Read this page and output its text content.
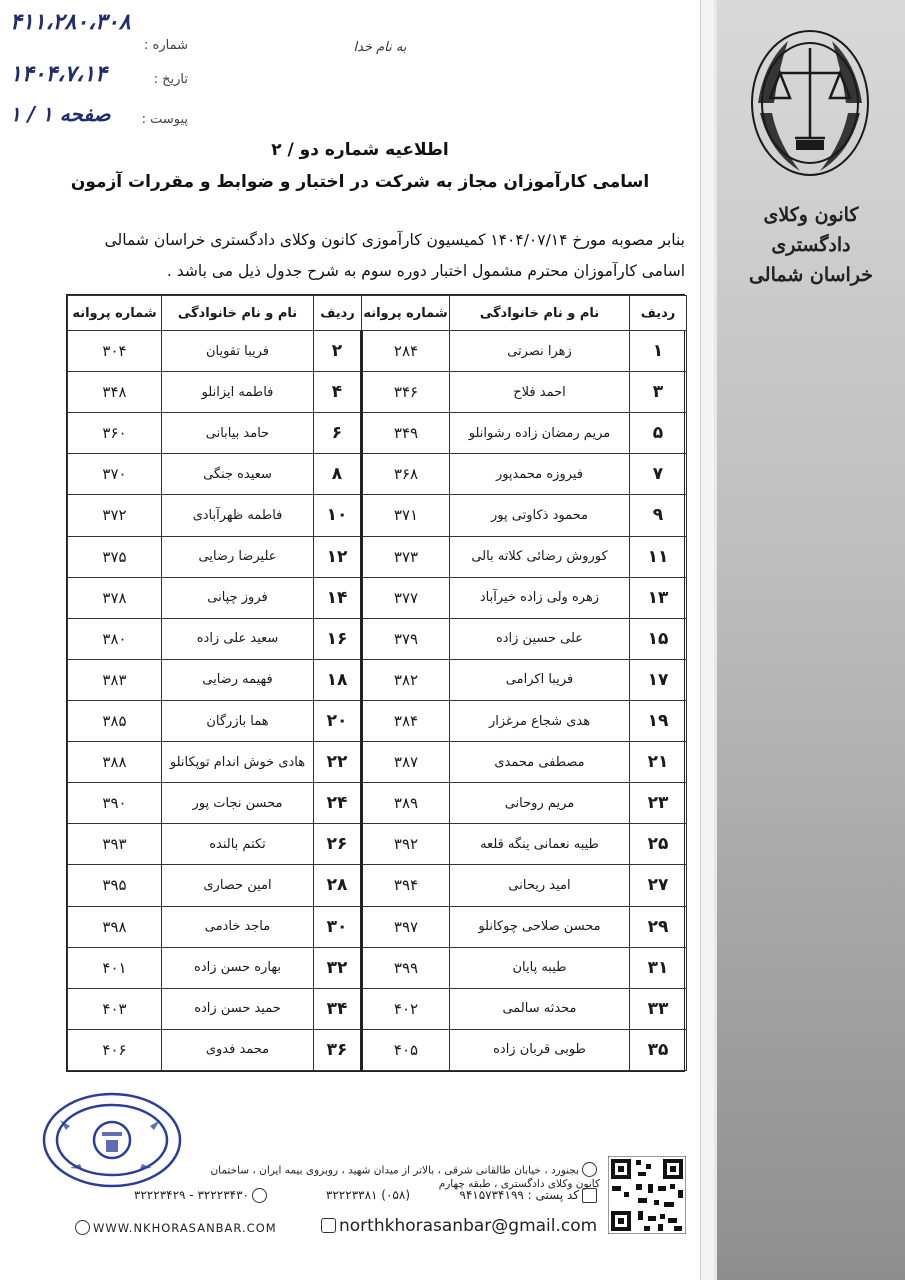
کانون وکلای دادگستری
خراسان شمالی
۴۱۱،۲۸۰،۳۰۸
شماره :
۱۴۰۴،۷،۱۴	تاریخ :
صفحه ۱ / ۱	پیوست :
به نام خدا
اطلاعیه شماره دو / ۲
اسامی کارآموزان مجاز به شرکت در اختبار و ضوابط و مقررات آزمون
بنابر مصوبه مورخ ۱۴۰۴/۰۷/۱۴ کمیسیون کارآموزی کانون وکلای دادگستری خراسان شمالی
اسامی کارآموزان محترم مشمول اختبار دوره سوم به شرح جدول ذیل می باشد .
ردیف	نام و نام خانوادگی	شماره پروانه	ردیف	نام و نام خانوادگی	شماره پروانه
۱	زهرا نصرتی	۲۸۴	۲	فریبا تقویان	۳۰۴
۳	احمد فلاح	۳۴۶	۴	فاطمه ایزانلو	۳۴۸
۵	مریم رمضان زاده رشوانلو	۳۴۹	۶	حامد بیابانی	۳۶۰
۷	فیروزه محمدپور	۳۶۸	۸	سعیده جنگی	۳۷۰
۹	محمود ذکاوتی پور	۳۷۱	۱۰	فاطمه ظهرآبادی	۳۷۲
۱۱	کوروش رضائی کلاته بالی	۳۷۳	۱۲	علیرضا رضایی	۳۷۵
۱۳	زهره ولی زاده خیرآباد	۳۷۷	۱۴	فروز چپانی	۳۷۸
۱۵	علی حسین زاده	۳۷۹	۱۶	سعید علی زاده	۳۸۰
۱۷	فریبا اکرامی	۳۸۲	۱۸	فهیمه رضایی	۳۸۳
۱۹	هدی شجاع مرغزار	۳۸۴	۲۰	هما بازرگان	۳۸۵
۲۱	مصطفی محمدی	۳۸۷	۲۲	هادی خوش اندام توپکانلو	۳۸۸
۲۳	مریم روحانی	۳۸۹	۲۴	محسن نجات پور	۳۹۰
۲۵	طیبه نعمانی ینگه قلعه	۳۹۲	۲۶	تکتم بالنده	۳۹۳
۲۷	امید ریحانی	۳۹۴	۲۸	امین حصاری	۳۹۵
۲۹	محسن صلاحی چوکانلو	۳۹۷	۳۰	ماجد خادمی	۳۹۸
۳۱	طیبه پایان	۳۹۹	۳۲	بهاره حسن زاده	۴۰۱
۳۳	محدثه سالمی	۴۰۲	۳۴	حمید حسن زاده	۴۰۳
۳۵	طوبی قربان زاده	۴۰۵	۳۶	محمد فدوی	۴۰۶
بجنورد ، خیابان طالقانی شرقی ، بالاتر از میدان شهید ، روبروی بیمه ایران ، ساختمان کانون وکلای دادگستری ، طبقه چهارم
کد پستی : ۹۴۱۵۷۳۴۱۹۹
(۰۵۸) ۳۲۲۲۳۳۸۱
۳۲۲۲۳۴۳۰ - ۳۲۲۲۳۴۲۹
WWW.NKHORASANBAR.COM	northkhorasanbar@gmail.com
